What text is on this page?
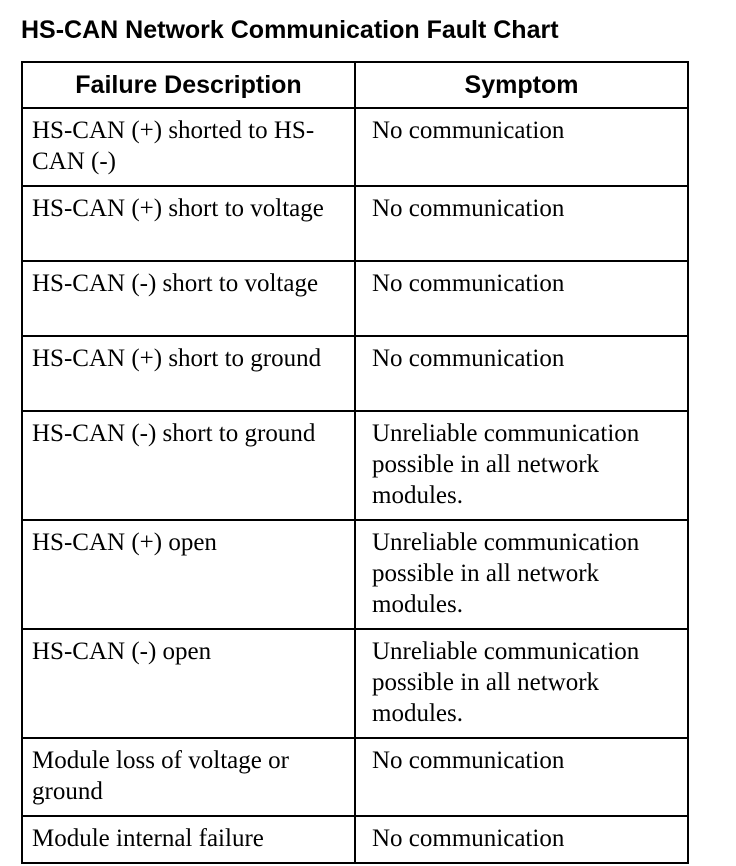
HS-CAN Network Communication Fault Chart
Failure Description	Symptom
HS-CAN (+) shorted to HS-CAN (-)	No communication
HS-CAN (+) short to voltage	No communication
HS-CAN (-) short to voltage	No communication
HS-CAN (+) short to ground	No communication
HS-CAN (-) short to ground	Unreliable communication possible in all network modules.
HS-CAN (+) open	Unreliable communication possible in all network modules.
HS-CAN (-) open	Unreliable communication possible in all network modules.
Module loss of voltage or ground	No communication
Module internal failure	No communication
